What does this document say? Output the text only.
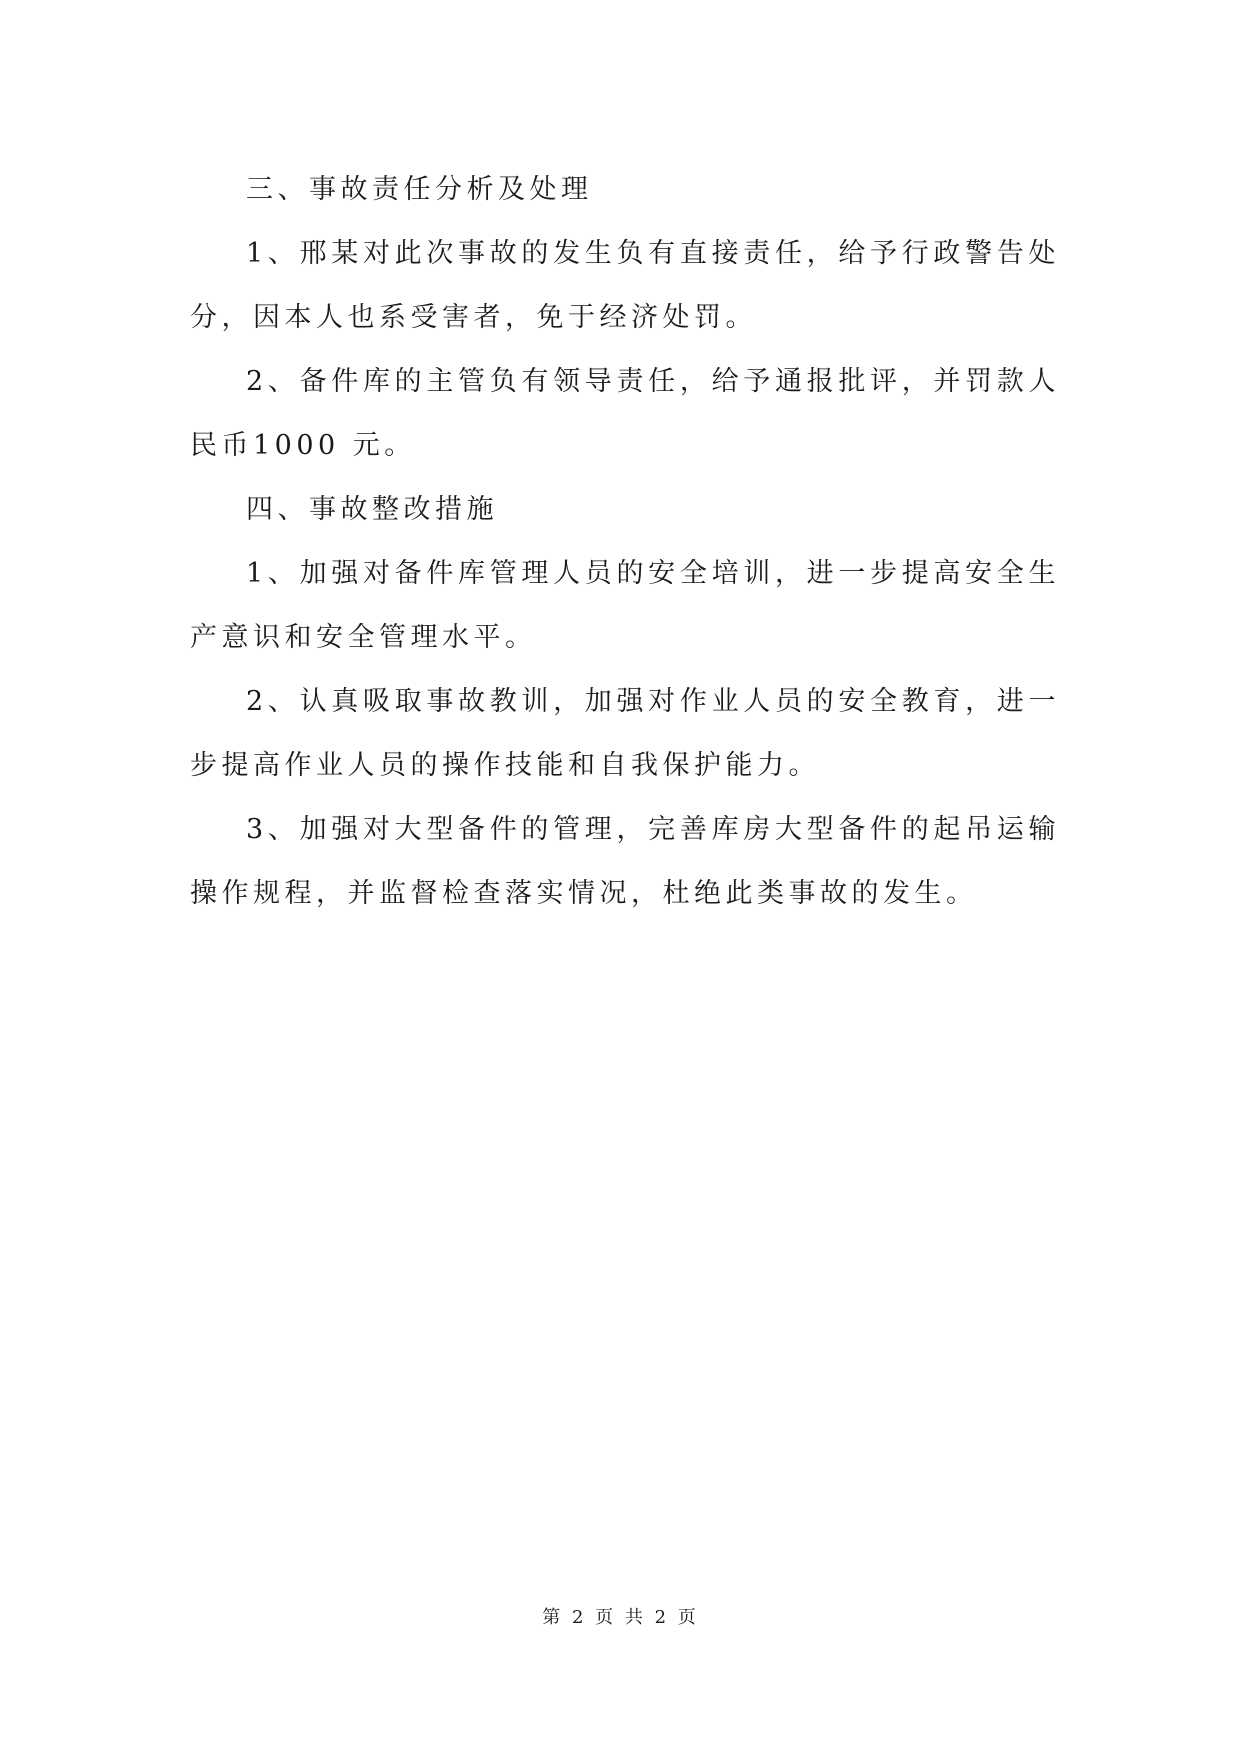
三、事故责任分析及处理

1、邢某对此次事故的发生负有直接责任，给予行政警告处分，因本人也系受害者，免于经济处罚。

2、备件库的主管负有领导责任，给予通报批评，并罚款人民币1000 元。

四、事故整改措施

1、加强对备件库管理人员的安全培训，进一步提高安全生产意识和安全管理水平。

2、认真吸取事故教训，加强对作业人员的安全教育，进一步提高作业人员的操作技能和自我保护能力。

3、加强对大型备件的管理，完善库房大型备件的起吊运输操作规程，并监督检查落实情况，杜绝此类事故的发生。

第 2 页 共 2 页
